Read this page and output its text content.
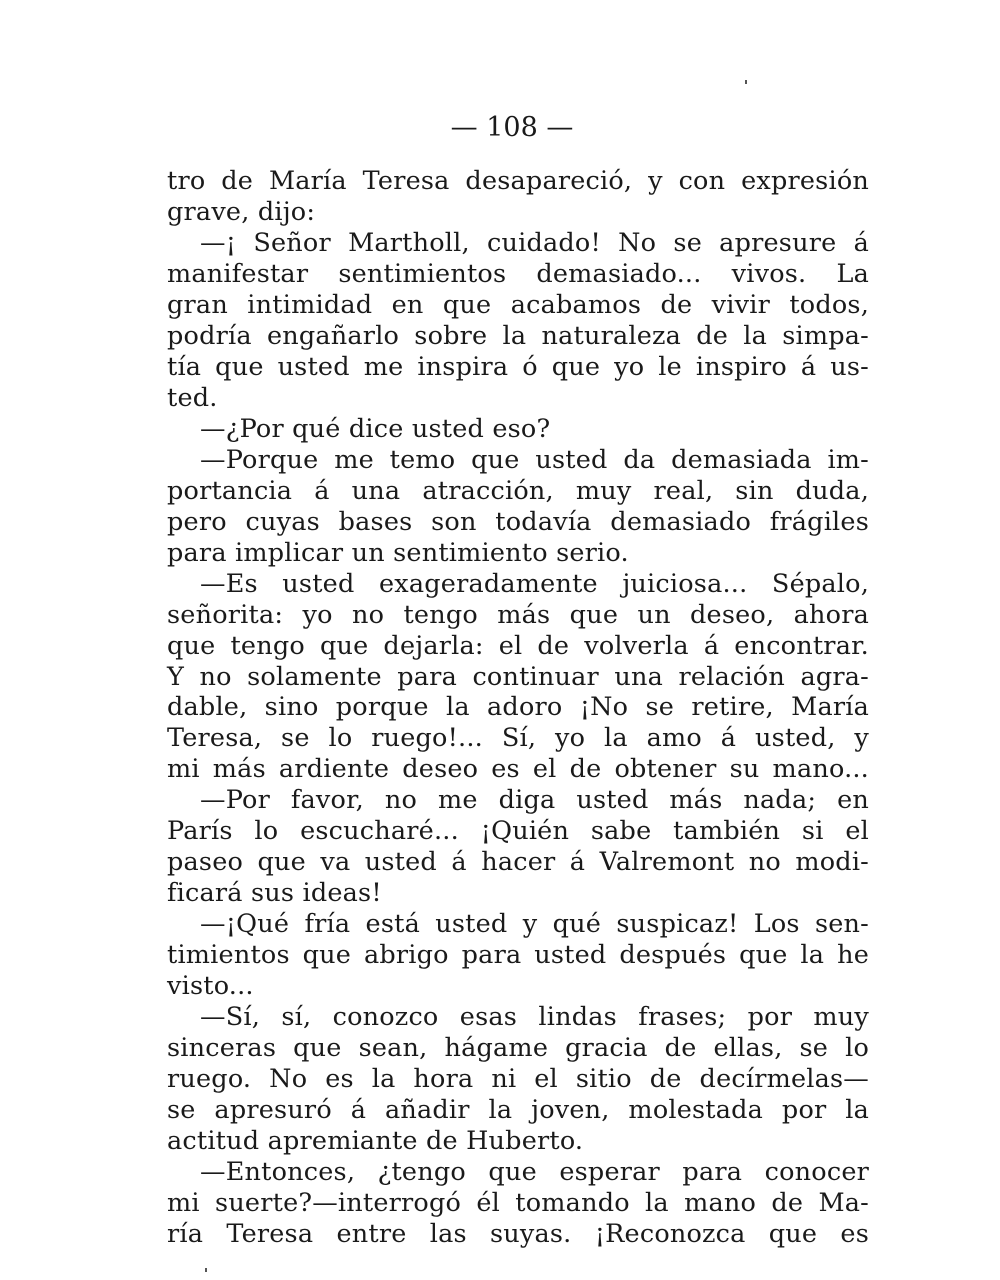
— 108 —
tro de María Teresa desapareció, y con expresión
grave, dijo:
—¡ Señor Martholl, cuidado! No se apresure á
manifestar sentimientos demasiado... vivos. La
gran intimidad en que acabamos de vivir todos,
podría engañarlo sobre la naturaleza de la simpa-
tía que usted me inspira ó que yo le inspiro á us-
ted.
—¿Por qué dice usted eso?
—Porque me temo que usted da demasiada im-
portancia á una atracción, muy real, sin duda,
pero cuyas bases son todavía demasiado frágiles
para implicar un sentimiento serio.
—Es usted exageradamente juiciosa... Sépalo,
señorita: yo no tengo más que un deseo, ahora
que tengo que dejarla: el de volverla á encontrar.
Y no solamente para continuar una relación agra-
dable, sino porque la adoro ¡No se retire, María
Teresa, se lo ruego!... Sí, yo la amo á usted, y
mi más ardiente deseo es el de obtener su mano...
—Por favor, no me diga usted más nada; en
París lo escucharé... ¡Quién sabe también si el
paseo que va usted á hacer á Valremont no modi-
ficará sus ideas!
—¡Qué fría está usted y qué suspicaz! Los sen-
timientos que abrigo para usted después que la he
visto...
—Sí, sí, conozco esas lindas frases; por muy
sinceras que sean, hágame gracia de ellas, se lo
ruego. No es la hora ni el sitio de decírmelas—
se apresuró á añadir la joven, molestada por la
actitud apremiante de Huberto.
—Entonces, ¿tengo que esperar para conocer
mi suerte?—interrogó él tomando la mano de Ma-
ría Teresa entre las suyas. ¡Reconozca que es
